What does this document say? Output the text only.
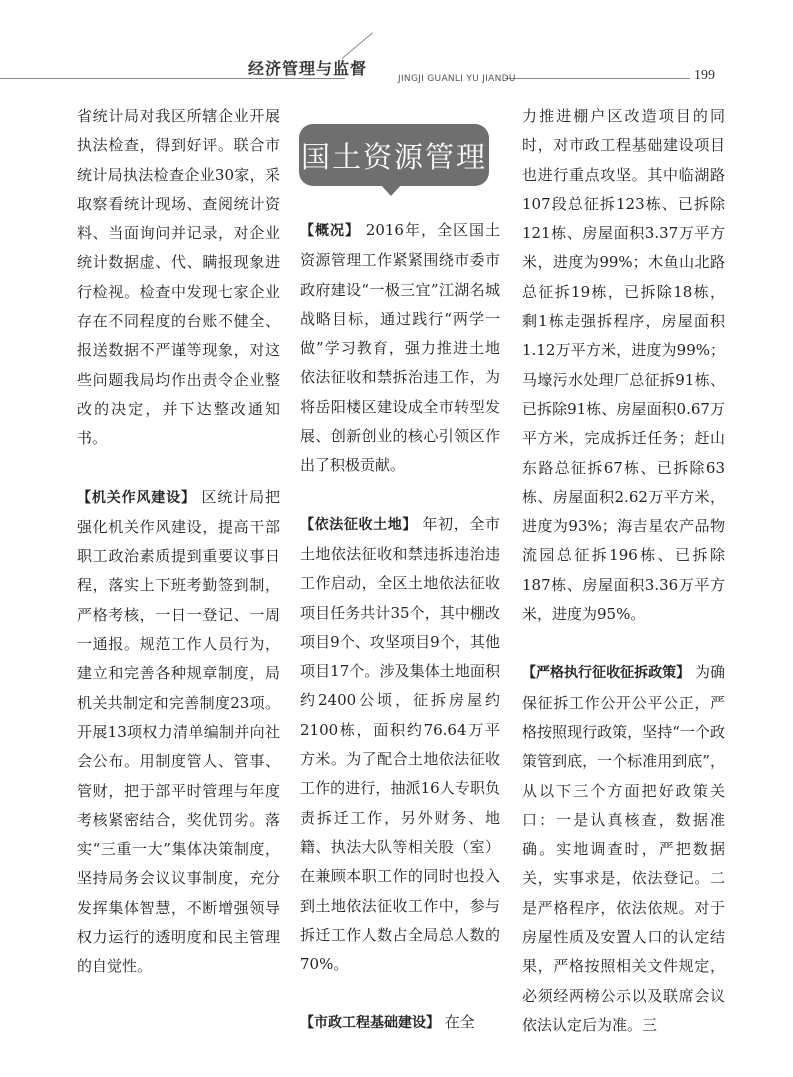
经济管理与监督
JINGJI GUANLI YU JIANDU	199
国土资源管理

省统计局对我区所辖企业开展执法检查，得到好评。联合市统计局执法检查企业30家，采取察看统计现场、查阅统计资料、当面询问并记录，对企业统计数据虚、代、瞒报现象进行检视。检查中发现七家企业存在不同程度的台账不健全、报送数据不严谨等现象，对这些问题我局均作出责令企业整改的决定，并下达整改通知书。

【机关作风建设】 区统计局把强化机关作风建设，提高干部职工政治素质提到重要议事日程，落实上下班考勤签到制，严格考核，一日一登记、一周一通报。规范工作人员行为，建立和完善各种规章制度，局机关共制定和完善制度23项。开展13项权力清单编制并向社会公布。用制度管人、管事、管财，把于部平时管理与年度考核紧密结合，奖优罚劣。落实“三重一大”集体决策制度，坚持局务会议议事制度，充分发挥集体智慧，不断增强领导权力运行的透明度和民主管理的自觉性。

【概况】 2016年，全区国土资源管理工作紧紧围绕市委市政府建设“一极三宜”江湖名城战略目标，通过践行“两学一做”学习教育，强力推进土地依法征收和禁拆治违工作，为将岳阳楼区建设成全市转型发展、创新创业的核心引领区作出了积极贡献。

【依法征收土地】 年初，全市土地依法征收和禁违拆违治违工作启动，全区土地依法征收项目任务共计35个，其中棚改项目9个、攻坚项目9个，其他项目17个。涉及集体土地面积约2400公顷，征拆房屋约2100栋，面积约76.64万平方米。为了配合土地依法征收工作的进行，抽派16人专职负责拆迁工作，另外财务、地籍、执法大队等相关股（室）在兼顾本职工作的同时也投入到土地依法征收工作中，参与拆迁工作人数占全局总人数的70%。

【市政工程基础建设】 在全

力推进棚户区改造项目的同时，对市政工程基础建设项目也进行重点攻坚。其中临湖路107段总征拆123栋、已拆除121栋、房屋面积3.37万平方米，进度为99%；木鱼山北路总征拆19栋，已拆除18栋，剩1栋走强拆程序，房屋面积1.12万平方米，进度为99%；马壕污水处理厂总征拆91栋、已拆除91栋、房屋面积0.67万平方米，完成拆迁任务；赶山东路总征拆67栋、已拆除63栋、房屋面积2.62万平方米，进度为93%；海吉星农产品物流园总征拆196栋、已拆除187栋、房屋面积3.36万平方米，进度为95%。

【严格执行征收征拆政策】 为确保征拆工作公开公平公正，严格按照现行政策，坚持“一个政策管到底，一个标准用到底”，从以下三个方面把好政策关口：一是认真核查，数据准确。实地调查时，严把数据关，实事求是，依法登记。二是严格程序，依法依规。对于房屋性质及安置人口的认定结果，严格按照相关文件规定，必须经两榜公示以及联席会议依法认定后为准。三
